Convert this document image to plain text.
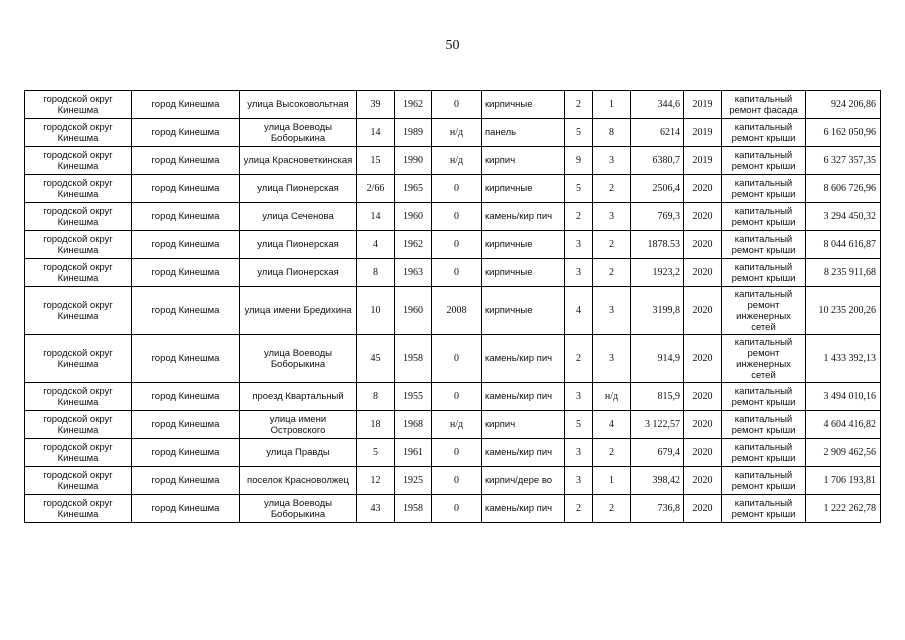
50
городской округ Кинешма	город Кинешма	улица Высоковольтная	39	1962	0	кирпичные	2	1	344,6	2019	капитальный ремонт фасада	924 206,86
городской округ Кинешма	город Кинешма	улица Воеводы Боборыкина	14	1989	н/д	панель	5	8	6214	2019	капитальный ремонт крыши	6 162 050,96
городской округ Кинешма	город Кинешма	улица Красноветкинская	15	1990	н/д	кирпич	9	3	6380,7	2019	капитальный ремонт крыши	6 327 357,35
городской округ Кинешма	город Кинешма	улица Пионерская	2/66	1965	0	кирпичные	5	2	2506,4	2020	капитальный ремонт крыши	8 606 726,96
городской округ Кинешма	город Кинешма	улица Сеченова	14	1960	0	камень/кир пич	2	3	769,3	2020	капитальный ремонт крыши	3 294 450,32
городской округ Кинешма	город Кинешма	улица Пионерская	4	1962	0	кирпичные	3	2	1878.53	2020	капитальный ремонт крыши	8 044 616,87
городской округ Кинешма	город Кинешма	улица Пионерская	8	1963	0	кирпичные	3	2	1923,2	2020	капитальный ремонт крыши	8 235 911,68
городской округ Кинешма	город Кинешма	улица имени Бредихина	10	1960	2008	кирпичные	4	3	3199,8	2020	капитальный ремонт инженерных сетей	10 235 200,26
городской округ Кинешма	город Кинешма	улица Воеводы Боборыкина	45	1958	0	камень/кир пич	2	3	914,9	2020	капитальный ремонт инженерных сетей	1 433 392,13
городской округ Кинешма	город Кинешма	проезд Квартальный	8	1955	0	камень/кир пич	3	н/д	815,9	2020	капитальный ремонт крыши	3 494 010,16
городской округ Кинешма	город Кинешма	улица имени Островского	18	1968	н/д	кирпич	5	4	3 122,57	2020	капитальный ремонт крыши	4 604 416,82
городской округ Кинешма	город Кинешма	улица Правды	5	1961	0	камень/кир пич	3	2	679,4	2020	капитальный ремонт крыши	2 909 462,56
городской округ Кинешма	город Кинешма	поселок Красноволжец	12	1925	0	кирпич/дере во	3	1	398,42	2020	капитальный ремонт крыши	1 706 193,81
городской округ Кинешма	город Кинешма	улица Воеводы Боборыкина	43	1958	0	камень/кир пич	2	2	736,8	2020	капитальный ремонт крыши	1 222 262,78
